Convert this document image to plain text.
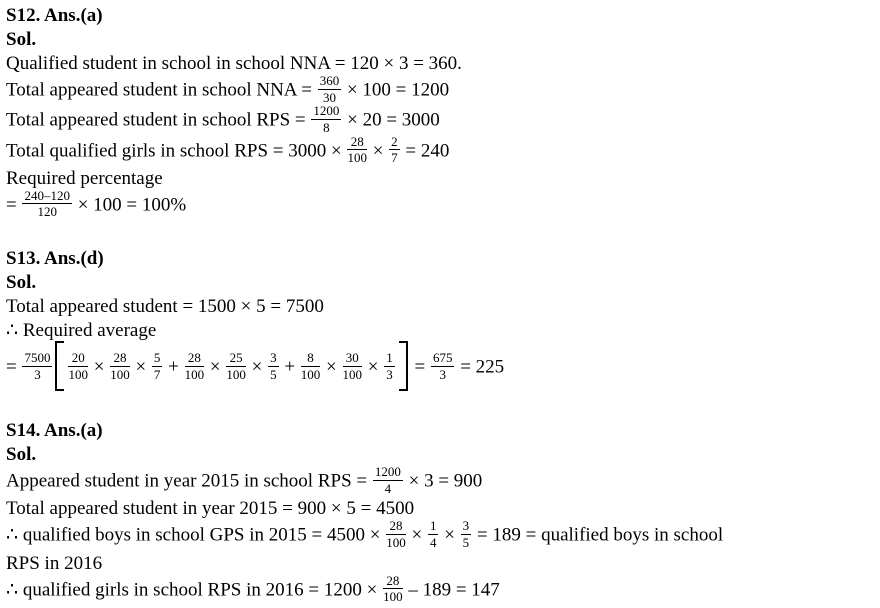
S12. Ans.(a)
Sol.
Qualified student in school in school NNA = 120 × 3 = 360.
Total appeared student in school NNA = $\frac{360}{30} \times 100 = 1200$
Total appeared student in school RPS = $\frac{1200}{8} \times 20 = 3000$
Total qualified girls in school RPS = $3000 \times \frac{28}{100} \times \frac{2}{7} = 240$
Required percentage
= $\frac{240-120}{120} \times 100 = 100\%$
S13. Ans.(d)
Sol.
Total appeared student = 1500 × 5 = 7500
∴ Required average
= $\frac{7500}{3} \frac{20}{100} \times \frac{28}{100} \times \frac{5}{7} + \frac{28}{100} \times \frac{25}{100} \times \frac{3}{5} + \frac{8}{100} \times \frac{30}{100} \times \frac{1}{3} = \frac{675}{3} = 225$
S14. Ans.(a)
Sol.
Appeared student in year 2015 in school RPS = $\frac{1200}{4} \times 3 = 900$
Total appeared student in year 2015 = 900 × 5 = 4500
∴ qualified boys in school GPS in $2015 = 4500 \times \frac{28}{100} \times \frac{1}{4} \times \frac{3}{5} = 189$ = qualified boys in school
RPS in 2016
∴ qualified girls in school RPS in $2016 = 1200 \times \frac{28}{100} - 189 = 147$
